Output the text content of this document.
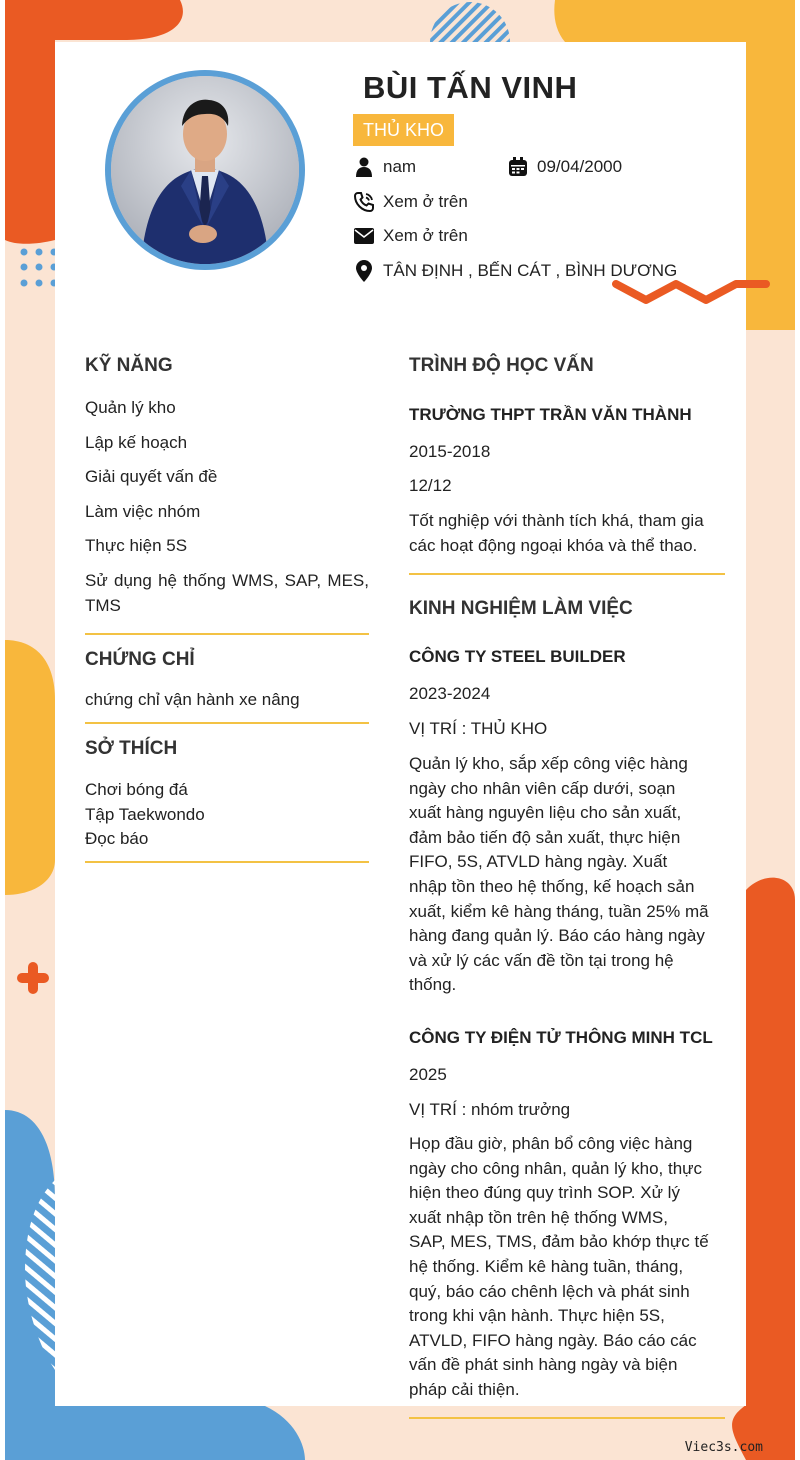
BÙI TẤN VINH
THỦ KHO
nam	09/04/2000
Xem ở trên
Xem ở trên
TÂN ĐỊNH , BẾN CÁT , BÌNH DƯƠNG
KỸ NĂNG
Quản lý kho
Lập kế hoạch
Giải quyết vấn đề
Làm việc nhóm
Thực hiện 5S
Sử dụng hệ thống WMS, SAP, MES,
TMS
CHỨNG CHỈ
chứng chỉ vận hành xe nâng
SỞ THÍCH
Chơi bóng đá
Tập Taekwondo
Đọc báo
TRÌNH ĐỘ HỌC VẤN
TRƯỜNG THPT TRẦN VĂN THÀNH
2015-2018
12/12
Tốt nghiệp với thành tích khá, tham gia các hoạt động ngoại khóa và thể thao.
KINH NGHIỆM LÀM VIỆC
CÔNG TY STEEL BUILDER
2023-2024
VỊ TRÍ : THỦ KHO
Quản lý kho, sắp xếp công việc hàng ngày cho nhân viên cấp dưới, soạn xuất hàng nguyên liệu cho sản xuất, đảm bảo tiến độ sản xuất, thực hiện FIFO, 5S, ATVLD hàng ngày. Xuất nhập tồn theo hệ thống, kế hoạch sản xuất, kiểm kê hàng tháng, tuần 25% mã hàng đang quản lý. Báo cáo hàng ngày và xử lý các vấn đề tồn tại trong hệ thống.
CÔNG TY ĐIỆN TỬ THÔNG MINH TCL
2025
VỊ TRÍ : nhóm trưởng
Họp đầu giờ, phân bổ công việc hàng ngày cho công nhân, quản lý kho, thực hiện theo đúng quy trình SOP. Xử lý xuất nhập tồn trên hệ thống WMS, SAP, MES, TMS, đảm bảo khớp thực tế hệ thống. Kiểm kê hàng tuần, tháng, quý, báo cáo chênh lệch và phát sinh trong khi vận hành. Thực hiện 5S, ATVLD, FIFO hàng ngày. Báo cáo các vấn đề phát sinh hàng ngày và biện pháp cải thiện.
Viec3s.com
